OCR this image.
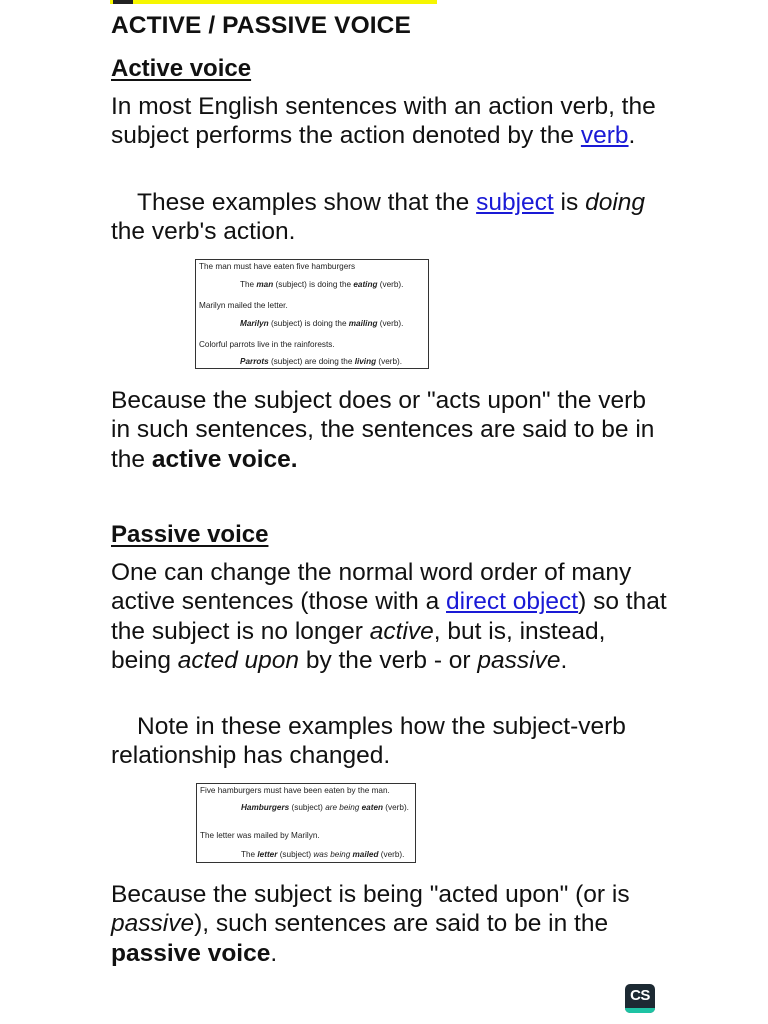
ACTIVE / PASSIVE VOICE
Active voice

In most English sentences with an action verb, the subject performs the action denoted by the verb.

These examples show that the subject is doing the verb's action.

The man must have eaten five hamburgers
The man (subject) is doing the eating (verb).
Marilyn mailed the letter.
Marilyn (subject) is doing the mailing (verb).
Colorful parrots live in the rainforests.
Parrots (subject) are doing the living (verb).

Because the subject does or "acts upon" the verb in such sentences, the sentences are said to be in the active voice.

Passive voice

One can change the normal word order of many active sentences (those with a direct object) so that the subject is no longer active, but is, instead, being acted upon by the verb - or passive.

Note in these examples how the subject-verb relationship has changed.

Five hamburgers must have been eaten by the man.
Hamburgers (subject) are being eaten (verb).
The letter was mailed by Marilyn.
The letter (subject) was being mailed (verb).

Because the subject is being "acted upon" (or is passive), such sentences are said to be in the passive voice.

CS
